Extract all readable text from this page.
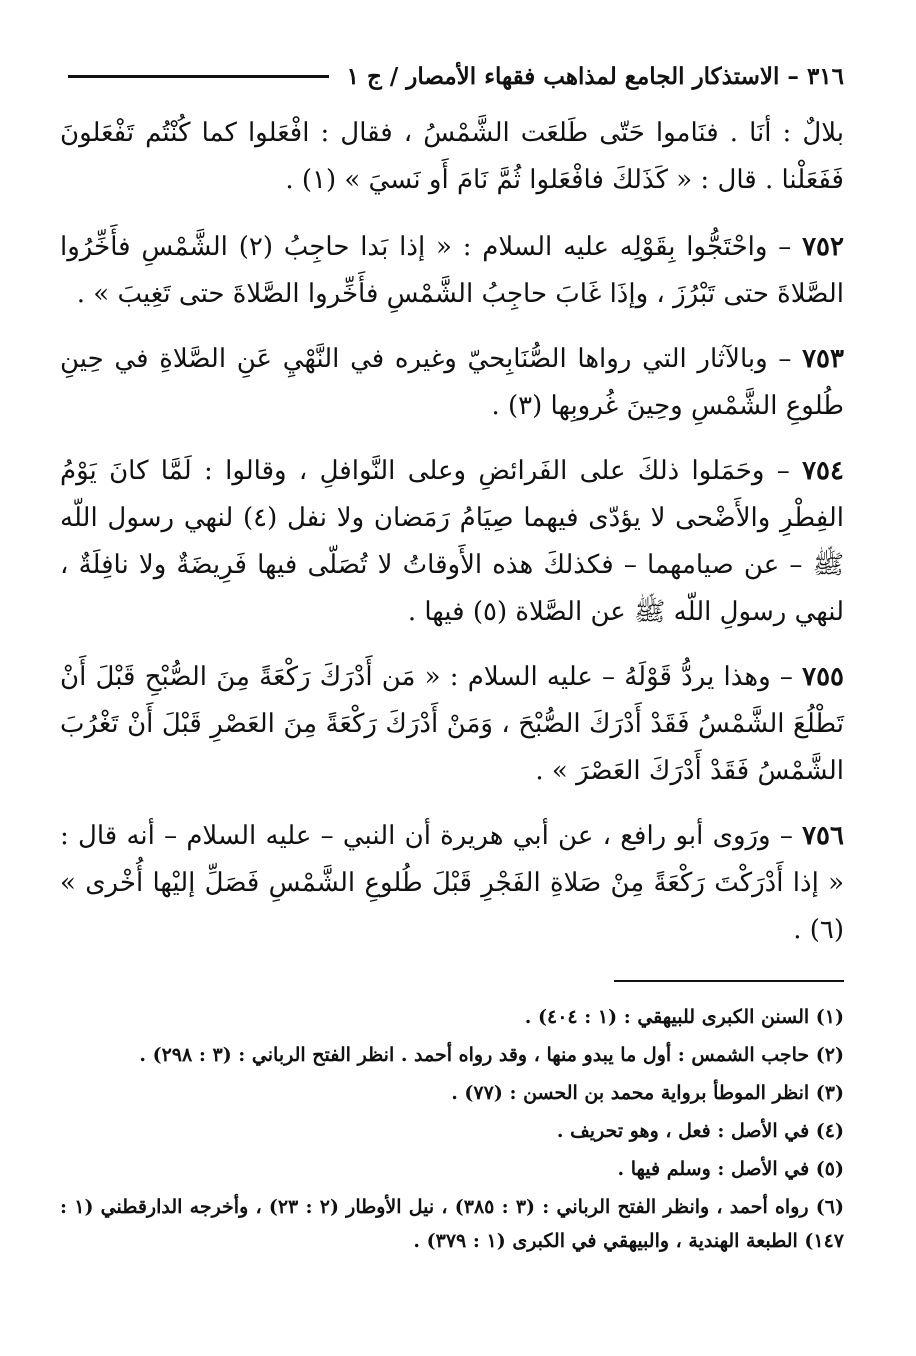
٣١٦ – الاستذكار الجامع لمذاهب فقهاء الأمصار / ج ١

بلالٌ : أنَا . فنَاموا حَتّى طَلعَت الشَّمْسُ ، فقال : افْعَلوا كما كُنْتُم تَفْعَلونَ فَفَعَلْنا . قال : « كَذَلكَ فافْعَلوا ثُمَّ نَامَ أَو نَسيَ » (١) .

٧٥٢ – واحْتَجُّوا بِقَوْلِه عليه السلام : « إذا بَدا حاجِبُ (٢) الشَّمْسِ فأَخِّرُوا الصَّلاةَ حتى تَبْرُزَ ، وإذَا غَابَ حاجِبُ الشَّمْسِ فأَخِّروا الصَّلاةَ حتى تَغِيبَ » .

٧٥٣ – وبالآثار التي رواها الصُّنَابِحيّ وغيره في النَّهْيِ عَنِ الصَّلاةِ في حِينِ طُلوعِ الشَّمْسِ وحِينَ غُروبِها (٣) .

٧٥٤ – وحَمَلوا ذلكَ على الفَرائضِ وعلى النَّوافلِ ، وقالوا : لَمَّا كانَ يَوْمُ الفِطْرِ والأَضْحى لا يؤدّى فيهما صِيَامُ رَمَضان ولا نفل (٤) لنهي رسول اللّه ﷺ – عن صيامهما – فكذلكَ هذه الأَوقاتُ لا تُصَلّى فيها فَرِيضَةٌ ولا نافِلَةٌ ، لنهي رسولِ اللّه ﷺ عن الصَّلاة (٥) فيها .

٧٥٥ – وهذا يردُّ قَوْلَهُ – عليه السلام : « مَن أَدْرَكَ رَكْعَةً مِنَ الصُّبْحِ قَبْلَ أَنْ تَطْلُعَ الشَّمْسُ فَقَدْ أَدْرَكَ الصُّبْحَ ، وَمَنْ أَدْرَكَ رَكْعَةً مِنَ العَصْرِ قَبْلَ أَنْ تَغْرُبَ الشَّمْسُ فَقَدْ أَدْرَكَ العَصْرَ » .

٧٥٦ – ورَوى أبو رافع ، عن أبي هريرة أن النبي – عليه السلام – أنه قال : « إذا أَدْرَكْتَ رَكْعَةً مِنْ صَلاةِ الفَجْرِ قَبْلَ طُلوعِ الشَّمْسِ فَصَلِّ إليْها أُخْرى » (٦) .

(١) السنن الكبرى للبيهقي : (١ : ٤٠٤) .

(٢) حاجب الشمس : أول ما يبدو منها ، وقد رواه أحمد . انظر الفتح الرباني : (٣ : ٢٩٨) .

(٣) انظر الموطأ برواية محمد بن الحسن : (٧٧) .

(٤) في الأصل : فعل ، وهو تحريف .

(٥) في الأصل : وسلم فيها .

(٦) رواه أحمد ، وانظر الفتح الرباني : (٣ : ٣٨٥) ، نيل الأوطار (٢ : ٢٣) ، وأخرجه الدارقطني (١ : ١٤٧) الطبعة الهندية ، والبيهقي في الكبرى (١ : ٣٧٩) .
